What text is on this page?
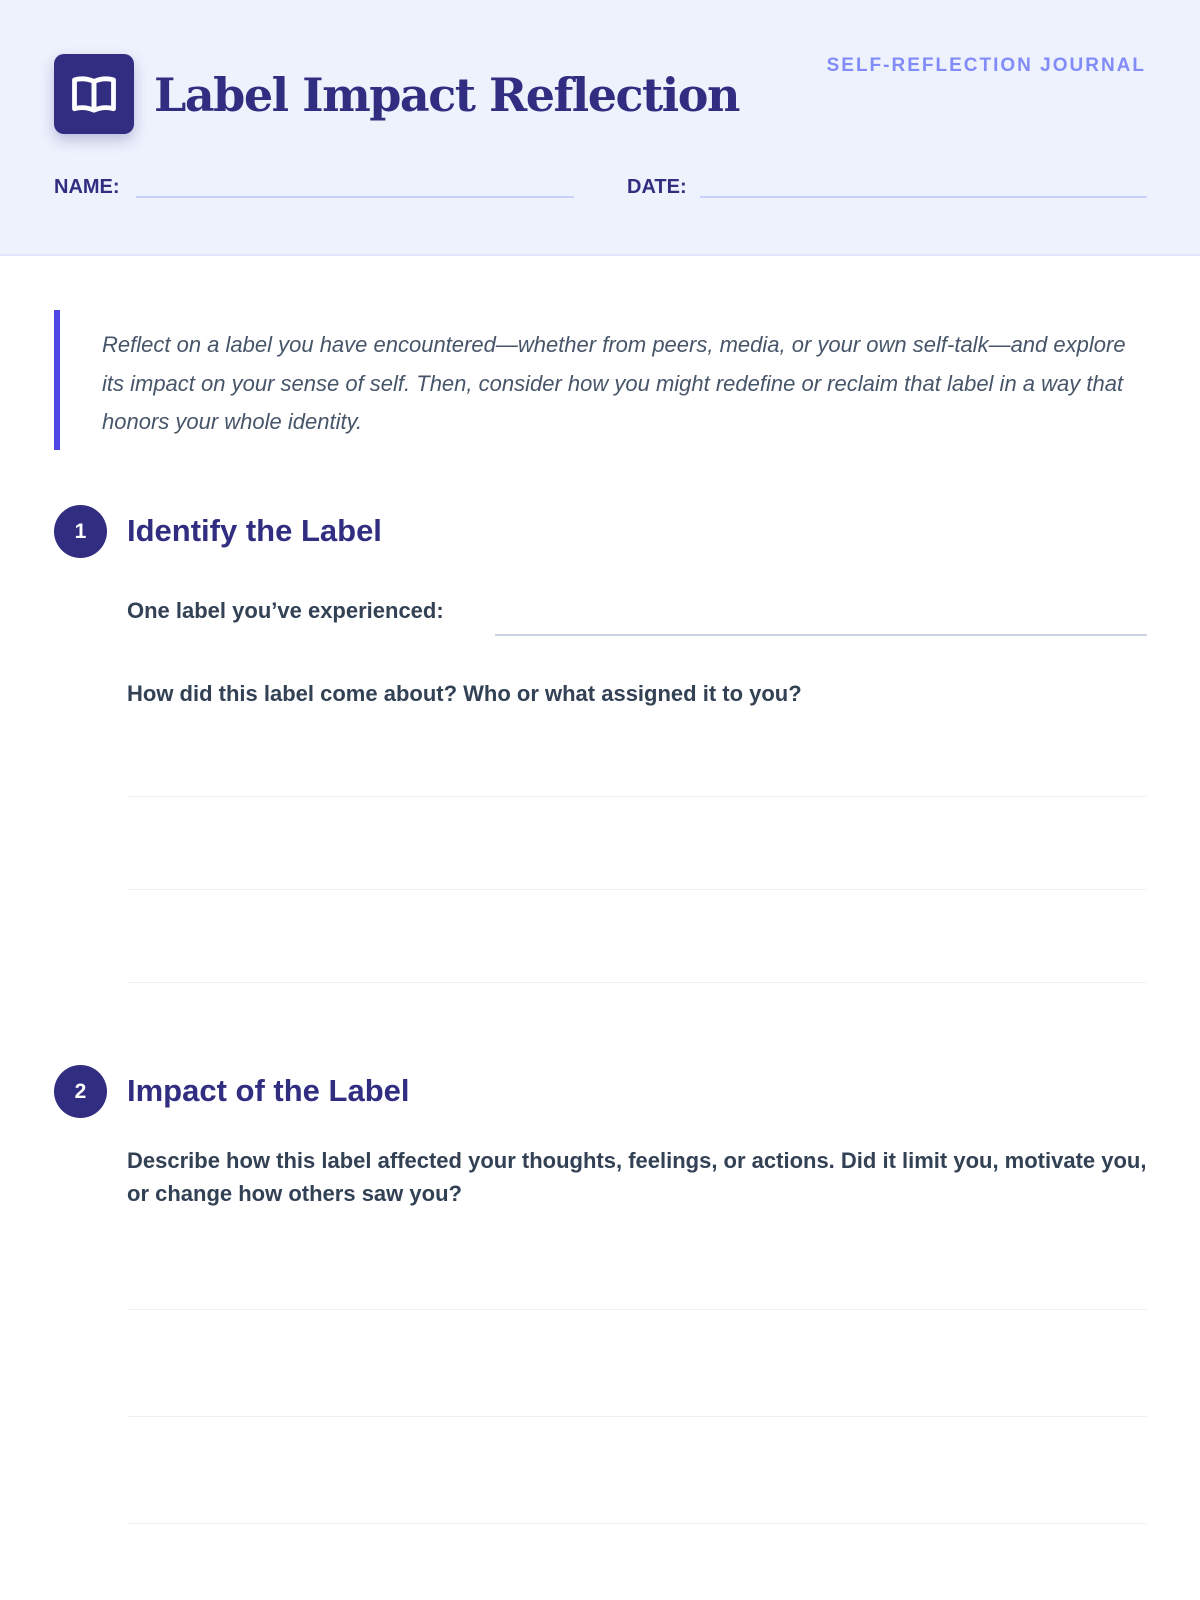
Label Impact Reflection
SELF-REFLECTION JOURNAL
NAME:	DATE:

Reflect on a label you have encountered—whether from peers, media, or your own self-talk—and explore its impact on your sense of self. Then, consider how you might redefine or reclaim that label in a way that honors your whole identity.

1	Identify the Label
One label you’ve experienced:
How did this label come about? Who or what assigned it to you?
2	Impact of the Label
Describe how this label affected your thoughts, feelings, or actions. Did it limit you, motivate you, or change how others saw you?
